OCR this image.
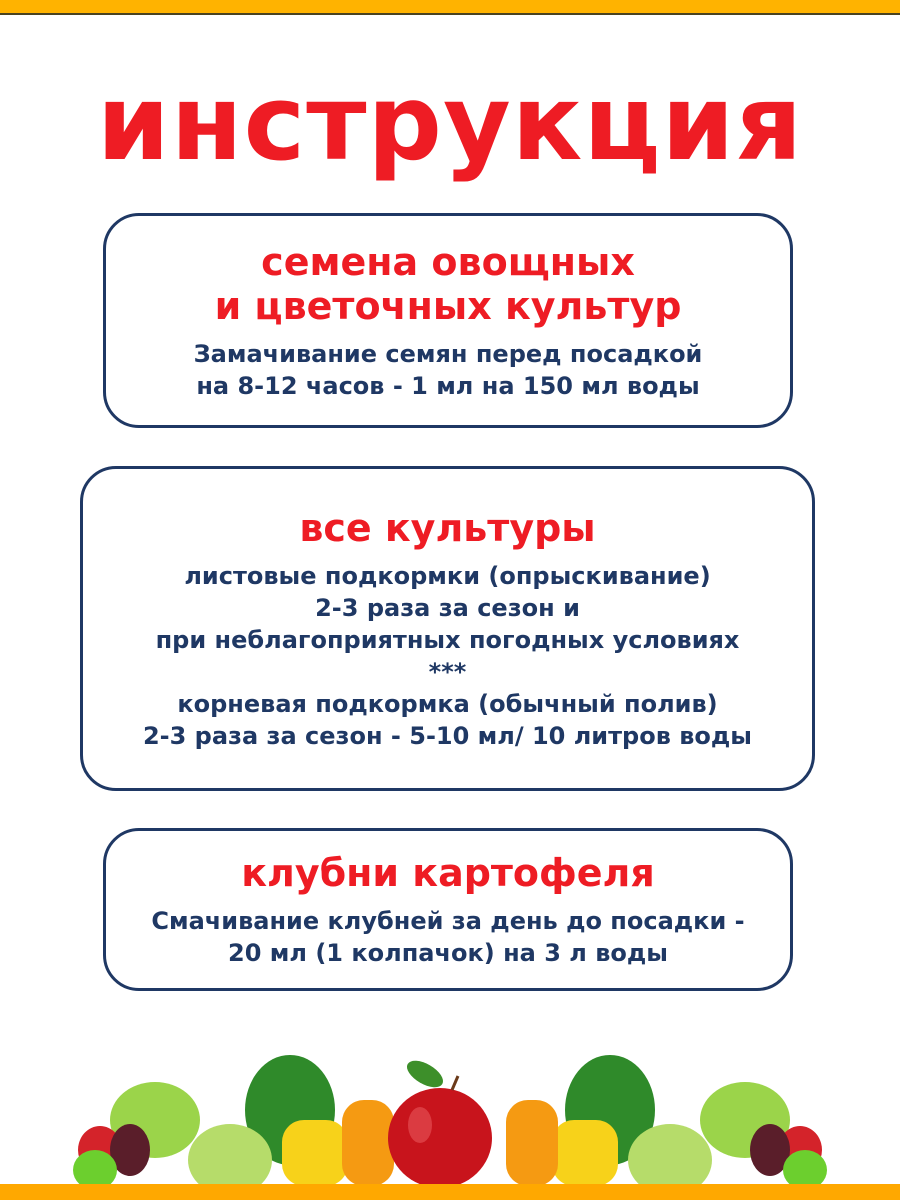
инструкция
семена овощных
и цветочных культур

Замачивание семян перед посадкой
на 8-12 часов - 1 мл на 150 мл воды

все культуры

листовые подкормки (опрыскивание)
2-3 раза за сезон и
при неблагоприятных погодных условиях
***
корневая подкормка (обычный полив)
2-3 раза за сезон - 5-10 мл/ 10 литров воды

клубни картофеля

Смачивание клубней за день до посадки -
20 мл (1 колпачок) на 3 л воды
